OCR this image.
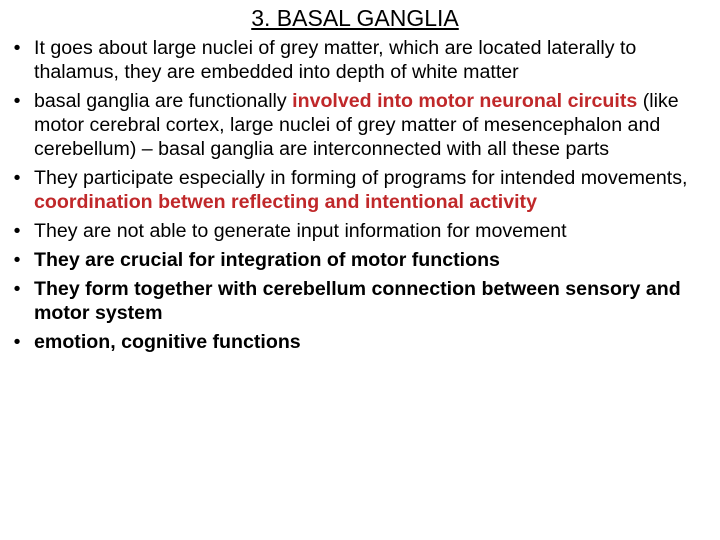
3. BASAL GANGLIA
• It goes about large nuclei of grey matter, which are located laterally to thalamus, they are embedded into depth of white matter
• basal ganglia are functionally involved into motor neuronal circuits (like motor cerebral cortex, large nuclei of grey matter of mesencephalon and cerebellum) – basal ganglia are interconnected with all these parts
• They participate especially in forming of programs for intended movements, coordination betwen reflecting and intentional activity
• They are not able to generate input information for movement
• They are crucial for integration of motor functions
• They form together with cerebellum connection between sensory and motor system
• emotion, cognitive functions
